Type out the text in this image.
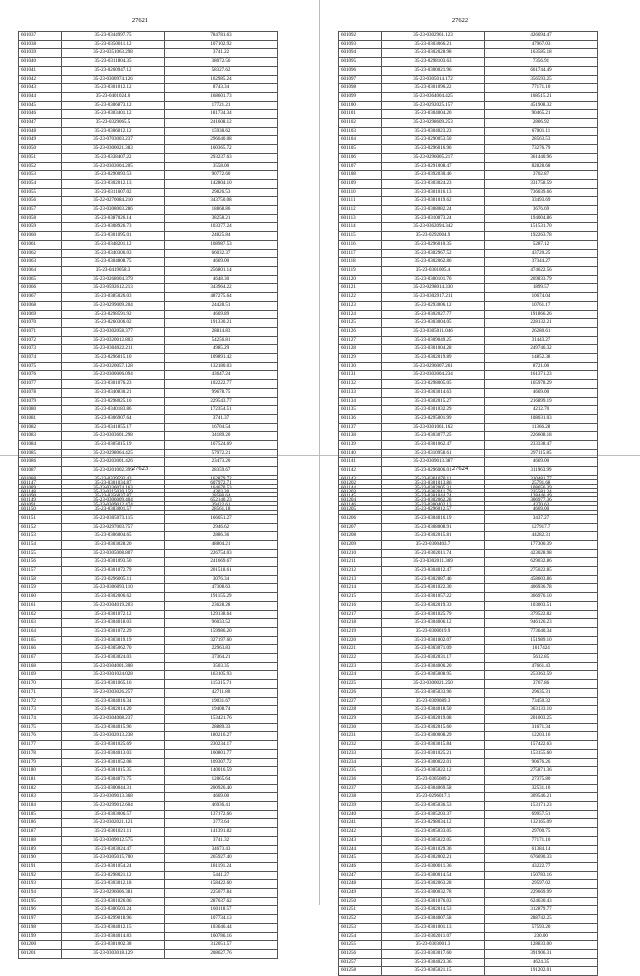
27621
601037	35-23-0344997.75	784781.63
601038	35-23-0350011.12	107102.92
601039	35-23-0351063.298	3741.22
601040	35-23-0311804.35	38072.56
601041	35-23-0260947.12	58327.62
601042	35-23-0300974.126	162985.24
601043	35-23-0301012.12	8743.34
601044	35-23-0401024.6	168601.73
601045	35-23-0306873.12	17721.21
601046	35-23-0303401.12	181734.34
601047	35-23-0329065.5	241608.12
601048	35-23-0306012.12	15938.62
601049	35-23-0703003.237	296640.08
601050	35-23-0300021.383	160365.72
601051	35-23-0338407.22	293237.63
601052	35-23-0303004.205	3558.00
601053	35-23-0290093.53	90772.60
601054	35-23-0302012.13	142804.10
601055	35-23-0311607.02	29826.53
601056	35-22-0270084.210	343750.08
601057	35-23-0308003.286	18868.86
601058	35-23-0387026.14	38258.21
601059	35-23-0308926.73	103377.24
601060	35-23-0301095.01	24825.84
601061	35-23-0348201.12	108987.53
601062	35-23-0340306.03	66032.37
601063	35-23-0304808.75	4669.00
601064	35-23-0419058.3	256801.14
601065	35-23-0268004.379	4648.30
601066	35-23-0592612.213	343964.22
601067	35-23-0385026.03	487275.64
601068	35-23-0299009.204	24428.51
601069	35-23-0298591.92	4669.89
601070	35-23-0260306.02	191330.21
601071	35-23-0302058.377	28814.83
601072	35-23-0320012.803	54256.81
601073	35-23-0304022.211	4985.29
601074	35-23-0296015.10	109891.42
601075	35-23-0320057.128	132180.03
601076	35-23-0300006.094	43647.24
601077	35-23-0301076.23	102222.77
601078	35-23-0340830.21	99678.75
601079	35-23-0298025.10	229543.77
601080	35-23-0340183.86	172354.51
601081	35-23-0306907.64	3741.37
601082	35-23-0341855.17	16704.54
601083	35-23-0303601.298	34189.20
601084	35-23-0305015.19	167524.69
601085	35-23-0298064.425	57972.21
601086	35-23-0203001.426	23473.20
601087	35-23-0201002.399	28359.67
601088	35-23-0339592.43	162879.72
601089	35-23-0336074.163	164670.53
601090	35-23-0356037.87	28580.64
601091	35-23-0309012.474	39422.61
27622
601092	35-23-0302961.123	426694.47
601093	35-23-0303066.21	47967.03
601094	35-23-0302028.98	163585.18
601095	35-23-0298103.63	7356.91
601096	35-23-0300021.96	661744.49
601097	35-23-0305014.172	356593.25
601098	35-23-0301096.22	77171.10
601099	35-23-0364004.425	108515.21
601100	35-23-0292025.157	451908.32
601101	35-23-0304004.20	90465.21
601102	35-23-0298609.253	2806.92
601103	35-23-0304023.23	67001.11
601104	35-23-0290053.50	28563.53
601105	35-23-0296016.96	73276.79
601106	35-23-0296005.217	361440.96
601107	35-23-0291008.47	82828.68
601108	35-23-0392030.46	3702.87
601109	35-23-0303024.23	331758.59
601110	35-23-0301016.13	736039.66
601111	35-23-0301019.62	33493.69
601112	35-23-0308082.24	3676.69
601113	35-23-0310073.24	194004.86
601114	35-23-0362094.342	151531.70
601115	35-23-0292004.9	192263.78
601116	35-23-0296010.35	5287.12
601117	35-23-0302967.52	43720.25
601118	35-23-0302062.86	37344.27
601119	35-23-0301005.4	474622.56
601120	35-23-0300101.76	269833.79
601121	35-23-0298014.330	1899.57
601122	35-23-0302917.211	10674.04
601123	35-23-0293006.12	10761.17
601124	35-23-0302027.77	191866.26
601125	35-23-0303004.05	228132.21
601126	35-23-0305011.046	26280.61
601127	35-23-0309049.25	31443.27
601128	35-23-0301004.28	249746.32
601129	35-23-0302019.89	14852.38
601130	35-23-0296007.261	8721.00
601131	35-23-0303004.234	161371.23
601132	35-23-0298005.05	165978.29
601133	35-23-0303014.63	4669.00
601134	35-23-0302015.27	216899.19
601135	35-23-0301032.29	4212.70
601136	35-23-0295001.99	108031.03
601137	35-23-0301061.162	11366.28
601138	35-23-0303077.25	226608.18
601139	35-23-0301062.47	233338.47
601140	35-23-0310958.61	297115.85
601141	35-23-0309013.387	4669.00
601142	35-23-0296006.01	311963.99
601143	35-23-0301070.11	310481.77
601144	35-23-0302005.31	108656.39
601145	35-23-0301044.74	128446.49
601146	35-23-0300402.13	4370.63
27623
601147	35-23-0301034.87	607972.71
601148	35-23-0315020.159	4303.20
601149	35-23-0306009.404	652140.23
601150	35-23-0303001.57	28561.18
601151	35-23-0305073.115	166651.27
601152	35-23-0297003.757	2946.62
601153	35-23-0306004.65	2886.36
601154	35-23-0303028.20	48804.21
601155	35-23-0305008.807	226754.03
601156	35-23-0301093.50	241669.67
601157	35-23-0301072.79	201518.61
601158	35-23-0296005.11	3076.34
601159	35-23-0306093.110	47308.63
601160	35-23-0302006.62	191155.29
601161	35-23-0304019.203	23628.28
601162	35-23-0301072.12	129138.64
601163	35-23-0304018.03	96033.52
601164	35-23-0301072.29	159986.20
601165	35-23-0303019.19	327197.60
601166	35-23-0305062.70	22963.83
601167	35-23-0303024.03	37364.21
601168	35-23-0304001.308	3503.35
601169	35-23-0301024.028	163105.93
601170	35-23-0301065.16	115315.71
601171	35-23-0303026.257	42711.80
601172	35-23-0304016.34	19031.67
601173	35-23-0302014.20	19408.74
601174	35-23-0304008.237	153421.76
601175	35-23-0304015.96	28889.33
601176	35-23-0302013.238	180216.27
601177	35-23-0301025.69	230234.17
601178	35-23-0304013.03	160801.77
601179	35-23-0301052.08	109307.72
601180	35-23-0301015.35	140016.59
601181	35-23-0304071.75	12865.64
601182	35-23-0300044.31	200926.40
601183	35-23-0309013.368	4669.00
601184	35-23-0299012.604	46936.41
601185	35-23-0303006.57	137172.66
601186	35-23-0302021.121	3773.64
601187	35-23-0301021.11	141391.82
601188	35-23-0309012.575	3741.32
601189	35-23-0303024.47	34673.43
601190	35-23-0305015.700	265927.40
601191	35-23-0301054.24	181191.24
601192	35-23-0298021.12	5441.27
601193	35-23-0303012.18	158422.60
601194	35-23-0296006.381	225077.84
601195	35-23-0301026.06	287637.62
601196	35-23-0300503.24	160118.57
601197	35-23-0299018.96	107734.13
601198	35-23-0304012.15	103646.44
601199	35-23-0304014.83	160786.16
601200	35-23-0301002.38	312051.57
601201	35-23-0303018.129	208627.76
27624
601202	35-23-0301013.86	25791.68
601203	35-23-0302011.79	235581.24
601204	35-23-0302062.28	306977.36
601205	35-23-0296012.57	4669.00
601206	35-23-0304016.19	3437.27
601207	35-23-0308008.91	127917.7
601208	35-23-0302015.81	44282.31
601209	35-23-0300403.7	177300.39
601210	35-23-0302011.74	423028.98
601211	35-23-0302011.369	629032.86
601212	35-23-0304012.47	275022.85
601213	35-23-0302087.46	458603.86
601214	35-23-0301022.30	406936.78
601215	35-23-0301057.22	366976.10
601216	35-23-0302019.33	103003.51
601217	35-23-0301025.79	379522.82
601218	35-23-0304006.12	946126.23
601219	35-23-0300019.9	773640.34
601220	35-23-0301002.07	151989.10
601221	35-23-0303071.09	1617424
601222	35-23-0302031.17	5612.85
601223	35-23-0304006.20	47661.43
601224	35-23-0305008.95	253363.59
601225	35-23-0300021.250	3767.86
601226	35-23-0305033.96	29635.31
601227	35-23-0309089.3	73450.32
601228	35-23-0304018.50	363133.10
601229	35-23-0302019.08	201003.25
601230	35-23-0302015.60	31671.34
601231	35-23-0300008.29	12203.16
601232	35-23-0303015.84	157422.63
601233	35-23-0301025.21	153155.60
601234	35-23-0300022.01	90676.26
601235	35-23-0305022.12	275871.36
601236	35-23-0305089.2	27375.80
601237	35-23-0304069.58	32531.10
601238	35-23-0296017.1	309546.21
601239	35-23-0305036.53	153171.23
601240	35-23-0305203.37	69957.51
601241	35-23-0298034.12	132165.09
601242	35-23-0305033.05	29700.75
601243	35-23-0305022.05	77171.10
601244	35-23-0301029.36	61384.14
601245	35-23-0302002.21	676690.33
601246	35-23-0300011.36	43222.77
601247	35-23-0300014.54	150783.16
601248	35-23-0302063.28	29597.02
601249	35-23-0300032.78	229669.99
601250	35-23-0301076.03	624630.43
601251	35-23-0302014.53	312879.77
601252	35-23-0304007.58	288742.25
601253	35-23-0301001.13	57593.20
601254	35-23-0302011.07	230.00
601255	35-23-0303001.3	128833.00
601256	35-23-0303017.60	391906.31
601257	35-23-0304023.36	4624.35
601258	35-23-0305021.15	191202.01
